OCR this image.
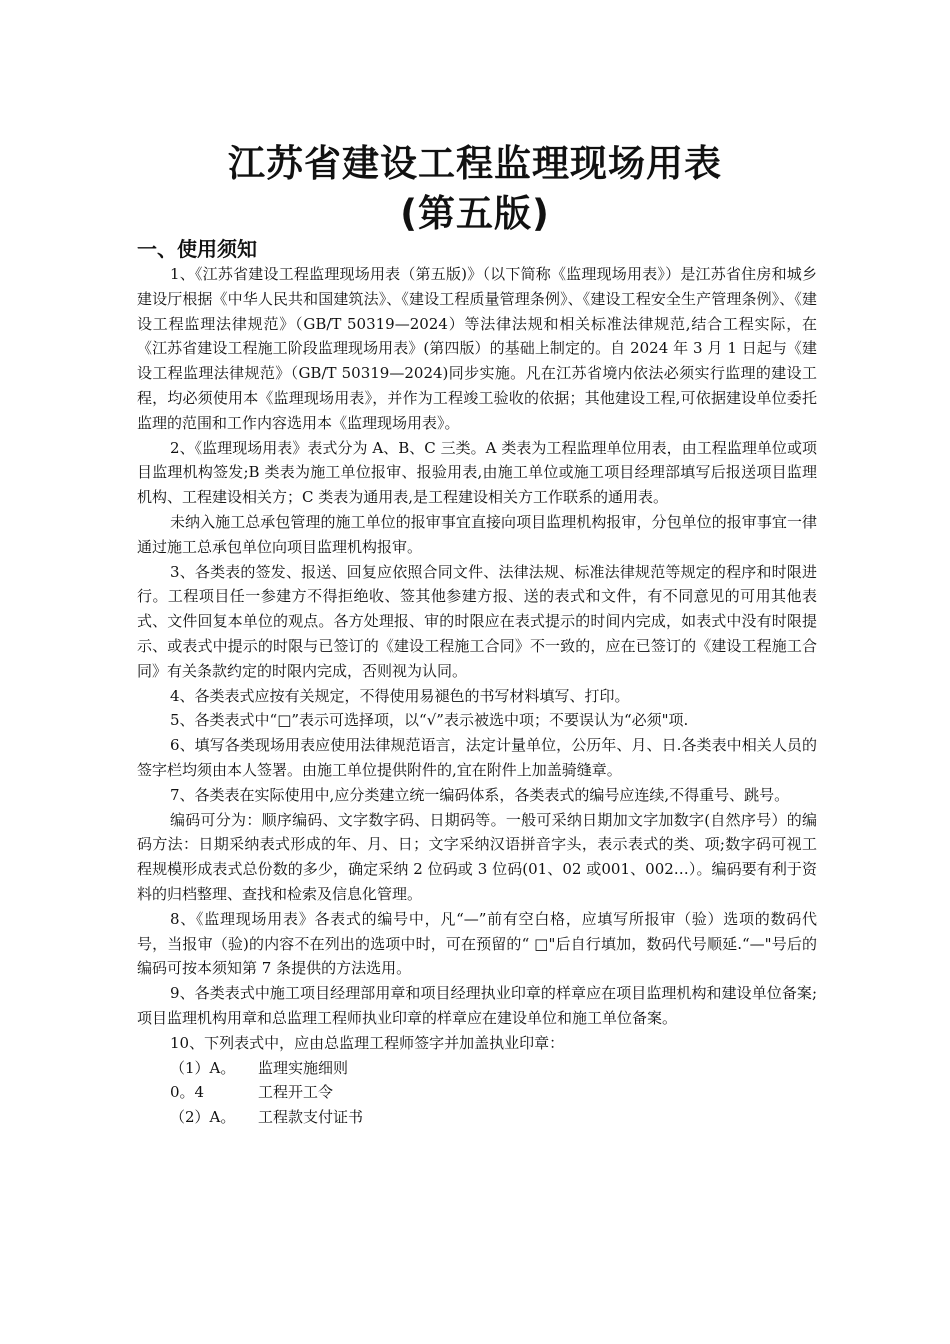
江苏省建设工程监理现场用表
(第五版)
一、使用须知

1、《江苏省建设工程监理现场用表（第五版)》（以下简称《监理现场用表》）是江苏省住房和城乡建设厅根据《中华人民共和国建筑法》、《建设工程质量管理条例》、《建设工程安全生产管理条例》、《建设工程监理法律规范》（GB/T 50319—2024）等法律法规和相关标准法律规范,结合工程实际，在《江苏省建设工程施工阶段监理现场用表》(第四版）的基础上制定的。自 2024 年 3 月 1 日起与《建设工程监理法律规范》（GB/T 50319—2024)同步实施。凡在江苏省境内依法必须实行监理的建设工程，均必须使用本《监理现场用表》，并作为工程竣工验收的依据；其他建设工程,可依据建设单位委托监理的范围和工作内容选用本《监理现场用表》。

2、《监理现场用表》表式分为 A、B、C 三类。A 类表为工程监理单位用表，由工程监理单位或项目监理机构签发;B 类表为施工单位报审、报验用表,由施工单位或施工项目经理部填写后报送项目监理机构、工程建设相关方；C 类表为通用表,是工程建设相关方工作联系的通用表。

未纳入施工总承包管理的施工单位的报审事宜直接向项目监理机构报审，分包单位的报审事宜一律通过施工总承包单位向项目监理机构报审。

3、各类表的签发、报送、回复应依照合同文件、法律法规、标准法律规范等规定的程序和时限进行。工程项目任一参建方不得拒绝收、签其他参建方报、送的表式和文件，有不同意见的可用其他表式、文件回复本单位的观点。各方处理报、审的时限应在表式提示的时间内完成，如表式中没有时限提示、或表式中提示的时限与已签订的《建设工程施工合同》不一致的，应在已签订的《建设工程施工合同》有关条款约定的时限内完成，否则视为认同。

4、各类表式应按有关规定，不得使用易褪色的书写材料填写、打印。

5、各类表式中“□”表示可选择项，以“√”表示被选中项；不要误认为“必须"项.

6、填写各类现场用表应使用法律规范语言，法定计量单位，公历年、月、日.各类表中相关人员的签字栏均须由本人签署。由施工单位提供附件的,宜在附件上加盖骑缝章。

7、各类表在实际使用中,应分类建立统一编码体系，各类表式的编号应连续,不得重号、跳号。

编码可分为：顺序编码、文字数字码、日期码等。一般可采纳日期加文字加数字(自然序号）的编码方法：日期采纳表式形成的年、月、日；文字采纳汉语拼音字头，表示表式的类、项;数字码可视工程规模形成表式总份数的多少，确定采纳 2 位码或 3 位码(01、02 或001、002…）。编码要有利于资料的归档整理、查找和检索及信息化管理。

8、《监理现场用表》各表式的编号中，凡“—”前有空白格，应填写所报审（验）选项的数码代号，当报审（验)的内容不在列出的选项中时，可在预留的“ □"后自行填加，数码代号顺延.“—"号后的编码可按本须知第 7 条提供的方法选用。

9、各类表式中施工项目经理部用章和项目经理执业印章的样章应在项目监理机构和建设单位备案;项目监理机构用章和总监理工程师执业印章的样章应在建设单位和施工单位备案。

10、下列表式中，应由总监理工程师签字并加盖执业印章：

（1）A。 监理实施细则
0。4	工程开工令
（2）A。 工程款支付证书
